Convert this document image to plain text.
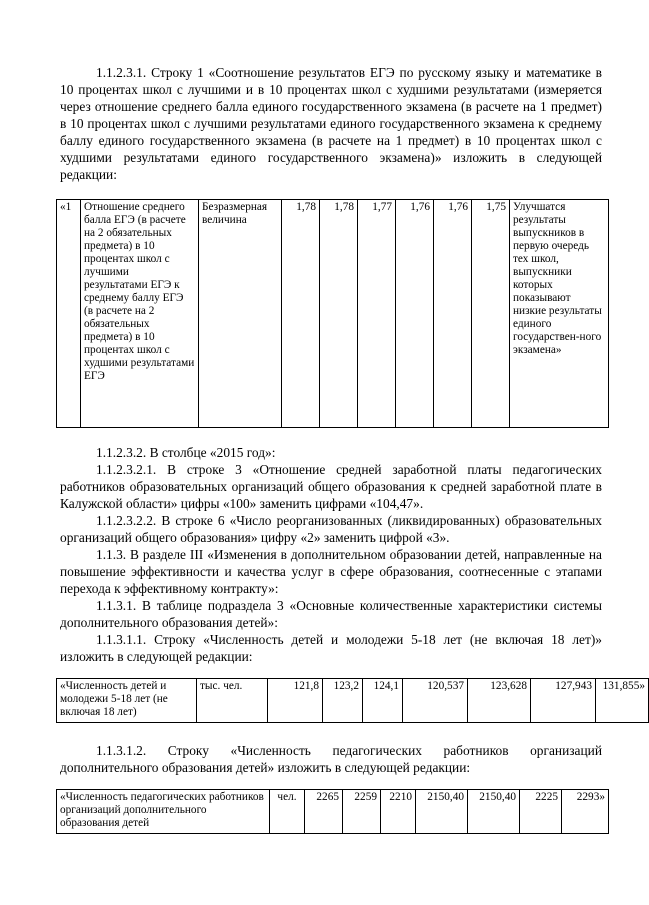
1.1.2.3.1. Строку 1 «Соотношение результатов ЕГЭ по русскому языку и математике в 10 процентах школ с лучшими и в 10 процентах школ с худшими результатами (измеряется через отношение среднего балла единого государственного экзамена (в расчете на 1 предмет) в 10 процентах школ с лучшими результатами единого государственного экзамена к среднему баллу единого государственного экзамена (в расчете на 1 предмет) в 10 процентах школ с худшими результатами единого государственного экзамена)» изложить в следующей редакции:

«1	Отношение среднего балла ЕГЭ (в расчете на 2 обязательных предмета) в 10 процентах школ с лучшими результатами ЕГЭ к среднему баллу ЕГЭ (в расчете на 2 обязательных предмета) в 10 процентах школ с худшими результатами ЕГЭ	Безразмерная величина	1,78	1,78	1,77	1,76	1,76	1,75	Улучшатся результаты выпускников в первую очередь тех школ, выпускники которых показывают низкие результаты единого государствен-ного экзамена»

1.1.2.3.2. В столбце «2015 год»:

1.1.2.3.2.1. В строке 3 «Отношение средней заработной платы педагогических работников образовательных организаций общего образования к средней заработной плате в Калужской области» цифры «100» заменить цифрами «104,47».

1.1.2.3.2.2. В строке 6 «Число реорганизованных (ликвидированных) образовательных организаций общего образования» цифру «2» заменить цифрой «3».

1.1.3. В разделе III «Изменения в дополнительном образовании детей, направленные на повышение эффективности и качества услуг в сфере образования, соотнесенные с этапами перехода к эффективному контракту»:

1.1.3.1. В таблице подраздела 3 «Основные количественные характеристики системы дополнительного образования детей»:

1.1.3.1.1. Строку «Численность детей и молодежи 5-18 лет (не включая 18 лет)» изложить в следующей редакции:

«Численность детей и молодежи 5-18 лет (не включая 18 лет)	тыс. чел.	121,8	123,2	124,1	120,537	123,628	127,943	131,855»

1.1.3.1.2. Строку «Численность педагогических работников организаций дополнительного образования детей» изложить в следующей редакции:

«Численность педагогических работников организаций дополнительного образования детей	чел.	2265	2259	2210	2150,40	2150,40	2225	2293»
